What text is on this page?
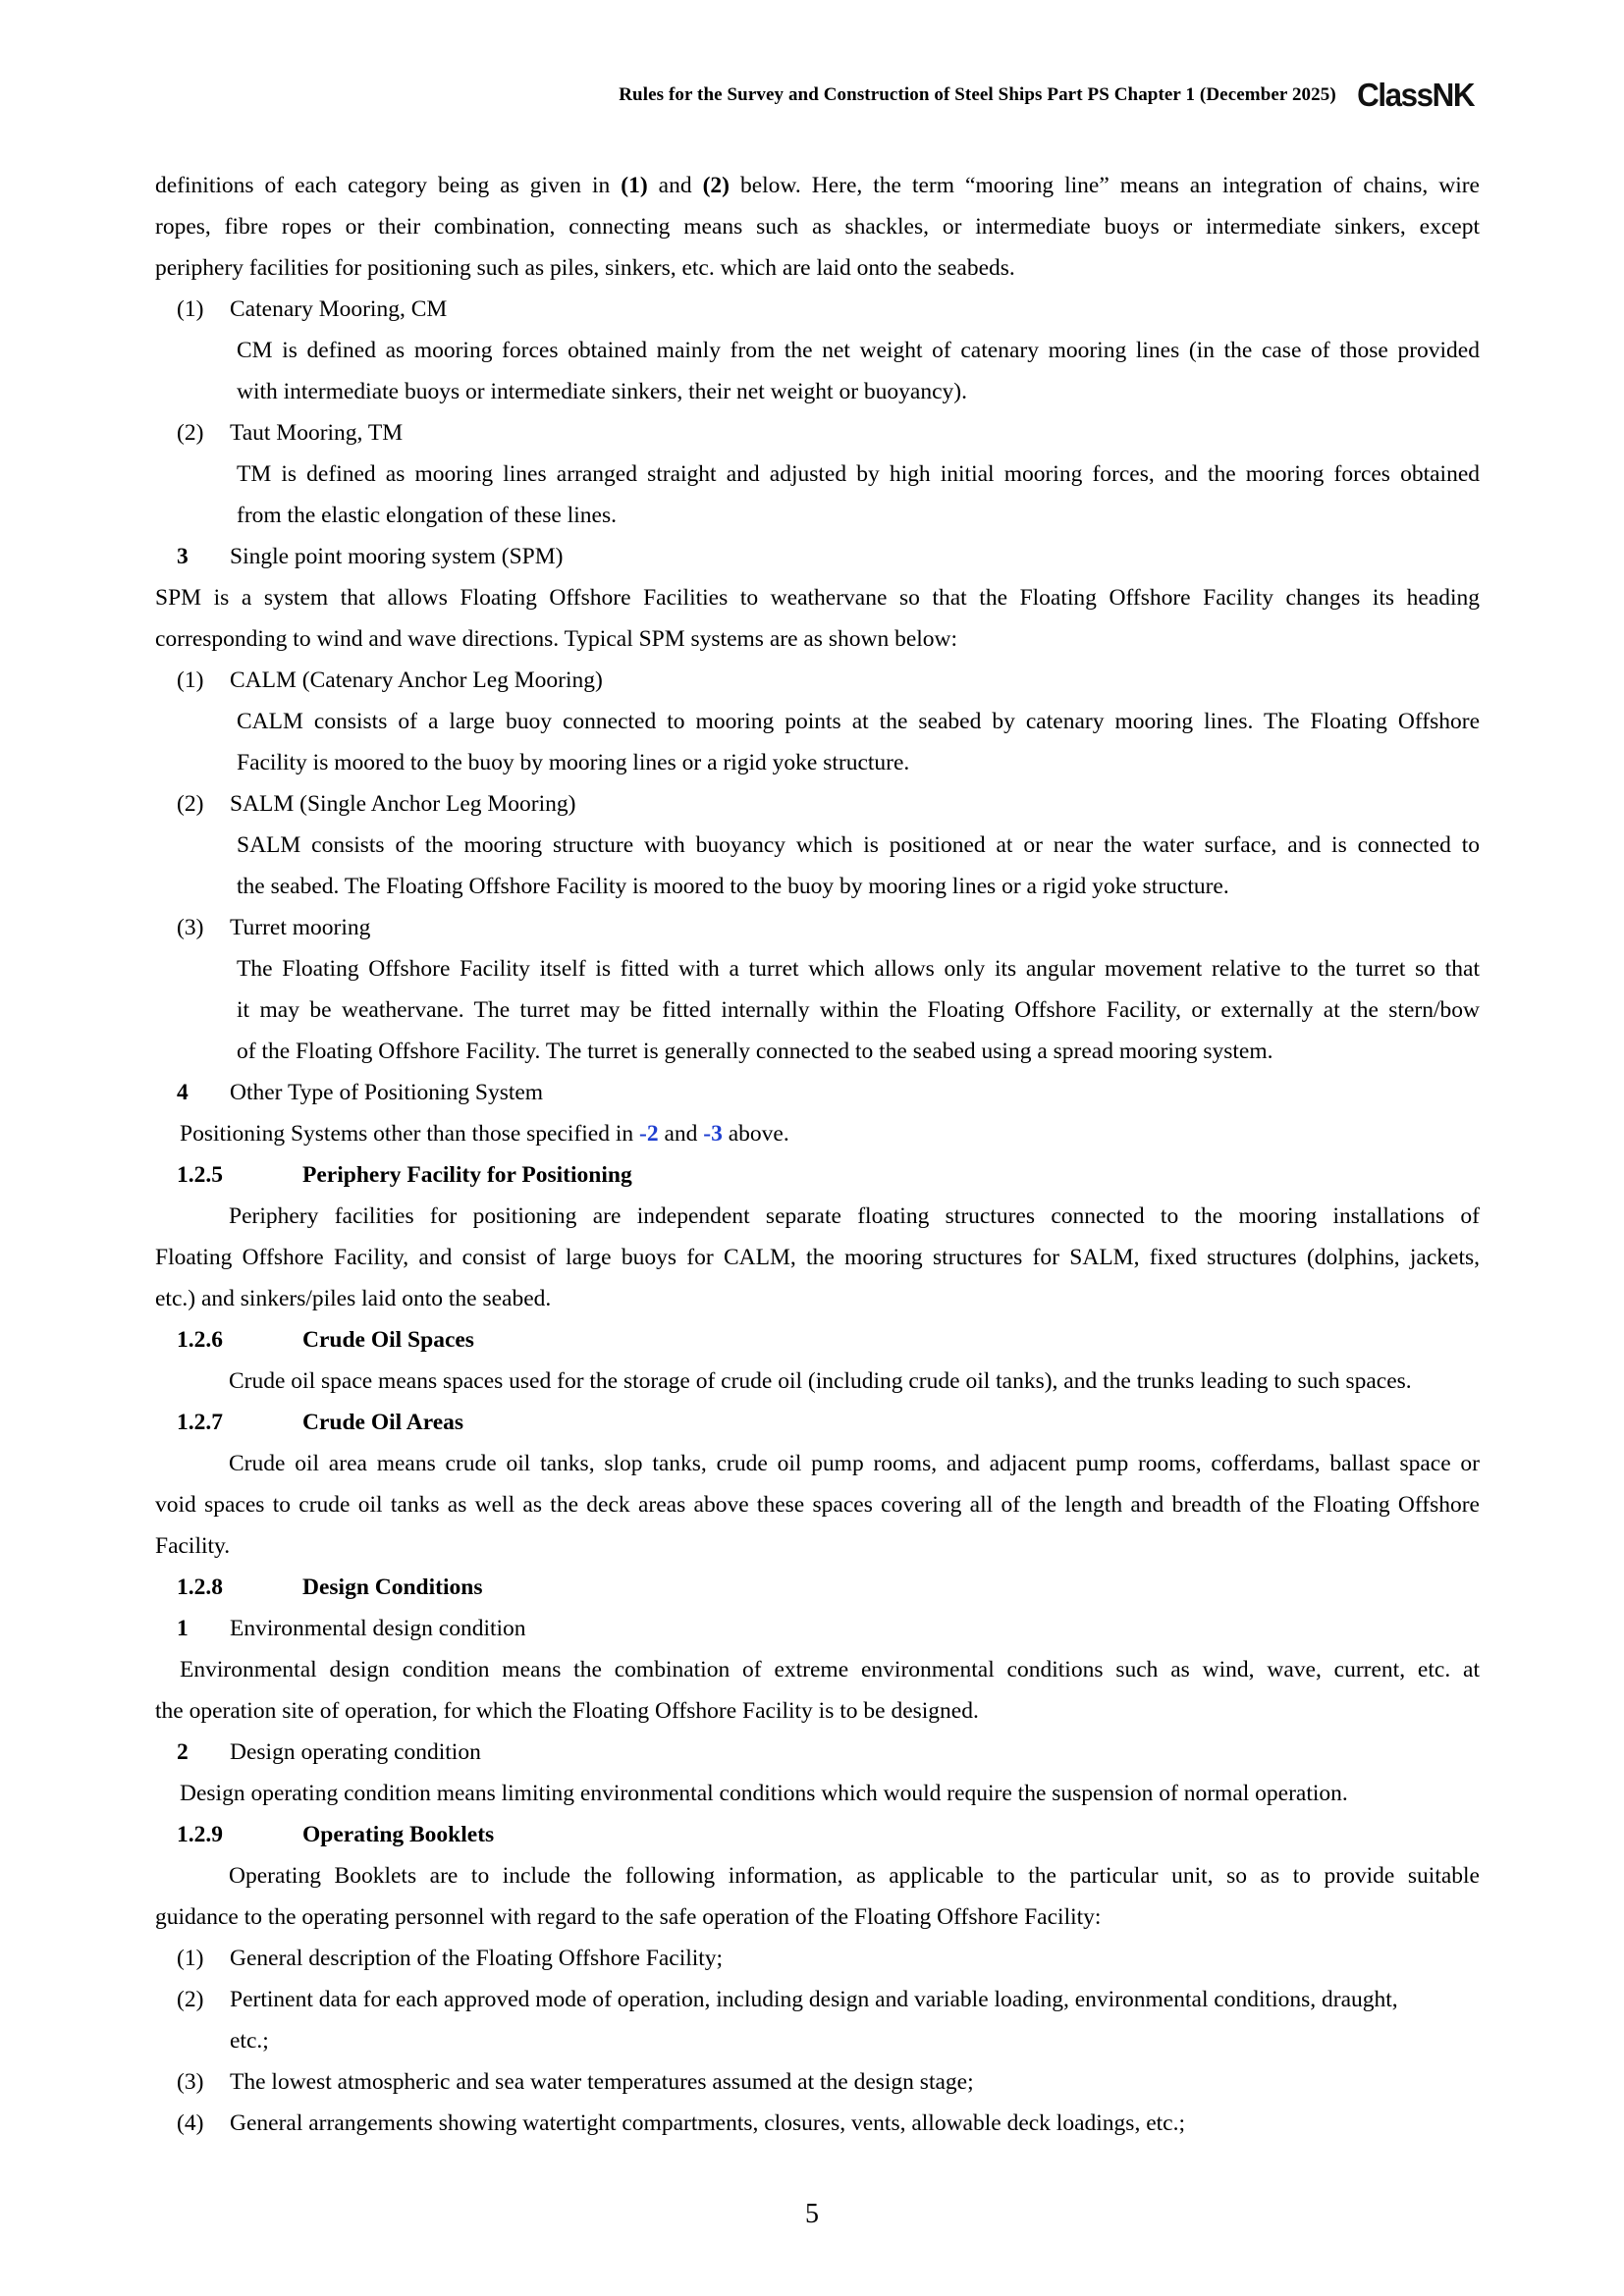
Rules for the Survey and Construction of Steel Ships Part PS Chapter 1 (December 2025) ClassNK
definitions of each category being as given in (1) and (2) below. Here, the term “mooring line” means an integration of chains, wire
ropes, fibre ropes or their combination, connecting means such as shackles, or intermediate buoys or intermediate sinkers, except
periphery facilities for positioning such as piles, sinkers, etc. which are laid onto the seabeds.
(1)	Catenary Mooring, CM
CM is defined as mooring forces obtained mainly from the net weight of catenary mooring lines (in the case of those provided
with intermediate buoys or intermediate sinkers, their net weight or buoyancy).
(2)	Taut Mooring, TM
TM is defined as mooring lines arranged straight and adjusted by high initial mooring forces, and the mooring forces obtained
from the elastic elongation of these lines.
3	Single point mooring system (SPM)
SPM is a system that allows Floating Offshore Facilities to weathervane so that the Floating Offshore Facility changes its heading
corresponding to wind and wave directions. Typical SPM systems are as shown below:
(1)	CALM (Catenary Anchor Leg Mooring)
CALM consists of a large buoy connected to mooring points at the seabed by catenary mooring lines. The Floating Offshore
Facility is moored to the buoy by mooring lines or a rigid yoke structure.
(2)	SALM (Single Anchor Leg Mooring)
SALM consists of the mooring structure with buoyancy which is positioned at or near the water surface, and is connected to
the seabed. The Floating Offshore Facility is moored to the buoy by mooring lines or a rigid yoke structure.
(3)	Turret mooring
The Floating Offshore Facility itself is fitted with a turret which allows only its angular movement relative to the turret so that
it may be weathervane. The turret may be fitted internally within the Floating Offshore Facility, or externally at the stern/bow
of the Floating Offshore Facility. The turret is generally connected to the seabed using a spread mooring system.
4	Other Type of Positioning System
Positioning Systems other than those specified in -2 and -3 above.
1.2.5	Periphery Facility for Positioning
Periphery facilities for positioning are independent separate floating structures connected to the mooring installations of
Floating Offshore Facility, and consist of large buoys for CALM, the mooring structures for SALM, fixed structures (dolphins, jackets,
etc.) and sinkers/piles laid onto the seabed.
1.2.6	Crude Oil Spaces
Crude oil space means spaces used for the storage of crude oil (including crude oil tanks), and the trunks leading to such spaces.
1.2.7	Crude Oil Areas
Crude oil area means crude oil tanks, slop tanks, crude oil pump rooms, and adjacent pump rooms, cofferdams, ballast space or
void spaces to crude oil tanks as well as the deck areas above these spaces covering all of the length and breadth of the Floating Offshore
Facility.
1.2.8	Design Conditions
1	Environmental design condition
Environmental design condition means the combination of extreme environmental conditions such as wind, wave, current, etc. at
the operation site of operation, for which the Floating Offshore Facility is to be designed.
2	Design operating condition
Design operating condition means limiting environmental conditions which would require the suspension of normal operation.
1.2.9	Operating Booklets
Operating Booklets are to include the following information, as applicable to the particular unit, so as to provide suitable
guidance to the operating personnel with regard to the safe operation of the Floating Offshore Facility:
(1)	General description of the Floating Offshore Facility;
(2)	Pertinent data for each approved mode of operation, including design and variable loading, environmental conditions, draught,
etc.;
(3)	The lowest atmospheric and sea water temperatures assumed at the design stage;
(4)	General arrangements showing watertight compartments, closures, vents, allowable deck loadings, etc.;
5
